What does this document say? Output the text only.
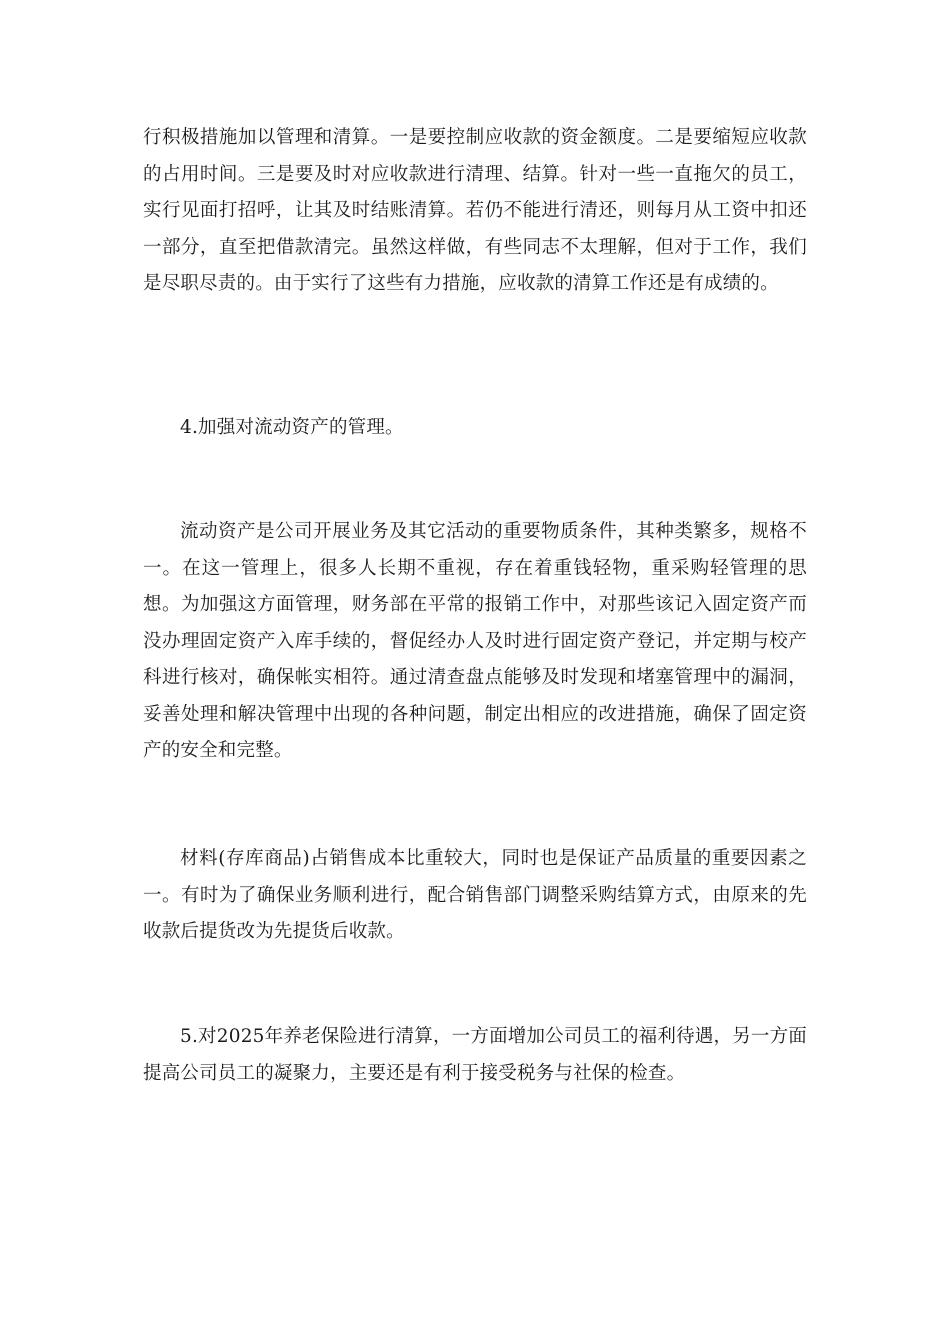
行积极措施加以管理和清算。一是要控制应收款的资金额度。二是要缩短应收款的占用时间。三是要及时对应收款进行清理、结算。针对一些一直拖欠的员工，实行见面打招呼，让其及时结账清算。若仍不能进行清还，则每月从工资中扣还一部分，直至把借款清完。虽然这样做，有些同志不太理解，但对于工作，我们是尽职尽责的。由于实行了这些有力措施，应收款的清算工作还是有成绩的。

4.加强对流动资产的管理。

流动资产是公司开展业务及其它活动的重要物质条件，其种类繁多，规格不一。在这一管理上，很多人长期不重视，存在着重钱轻物，重采购轻管理的思想。为加强这方面管理，财务部在平常的报销工作中，对那些该记入固定资产而没办理固定资产入库手续的，督促经办人及时进行固定资产登记，并定期与校产科进行核对，确保帐实相符。通过清查盘点能够及时发现和堵塞管理中的漏洞，妥善处理和解决管理中出现的各种问题，制定出相应的改进措施，确保了固定资产的安全和完整。

材料(存库商品)占销售成本比重较大，同时也是保证产品质量的重要因素之一。有时为了确保业务顺利进行，配合销售部门调整采购结算方式，由原来的先收款后提货改为先提货后收款。

5.对2025年养老保险进行清算，一方面增加公司员工的福利待遇，另一方面提高公司员工的凝聚力，主要还是有利于接受税务与社保的检查。
